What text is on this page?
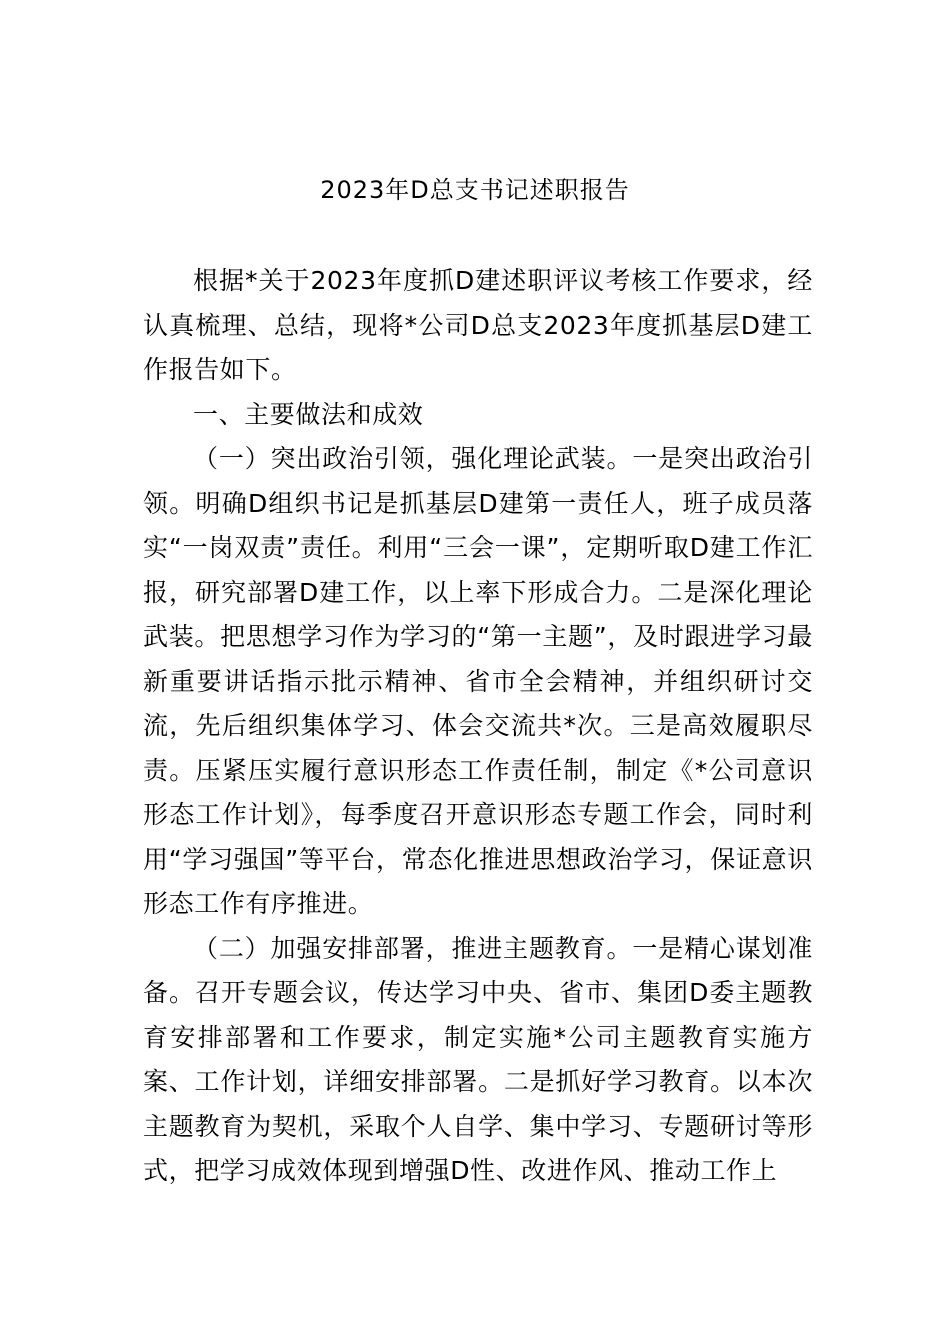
2023年D总支书记述职报告

根据*关于2023年度抓D建述职评议考核工作要求，经认真梳理、总结，现将*公司D总支2023年度抓基层D建工作报告如下。

一、主要做法和成效

（一）突出政治引领，强化理论武装。一是突出政治引领。明确D组织书记是抓基层D建第一责任人，班子成员落实“一岗双责”责任。利用“三会一课”，定期听取D建工作汇报，研究部署D建工作，以上率下形成合力。二是深化理论武装。把思想学习作为学习的“第一主题”，及时跟进学习最新重要讲话指示批示精神、省市全会精神，并组织研讨交流，先后组织集体学习、体会交流共*次。三是高效履职尽责。压紧压实履行意识形态工作责任制，制定《*公司意识形态工作计划》，每季度召开意识形态专题工作会，同时利用“学习强国”等平台，常态化推进思想政治学习，保证意识形态工作有序推进。

（二）加强安排部署，推进主题教育。一是精心谋划准备。召开专题会议，传达学习中央、省市、集团D委主题教育安排部署和工作要求，制定实施*公司主题教育实施方案、工作计划，详细安排部署。二是抓好学习教育。以本次主题教育为契机，采取个人自学、集中学习、专题研讨等形式，把学习成效体现到增强D性、改进作风、推动工作上
